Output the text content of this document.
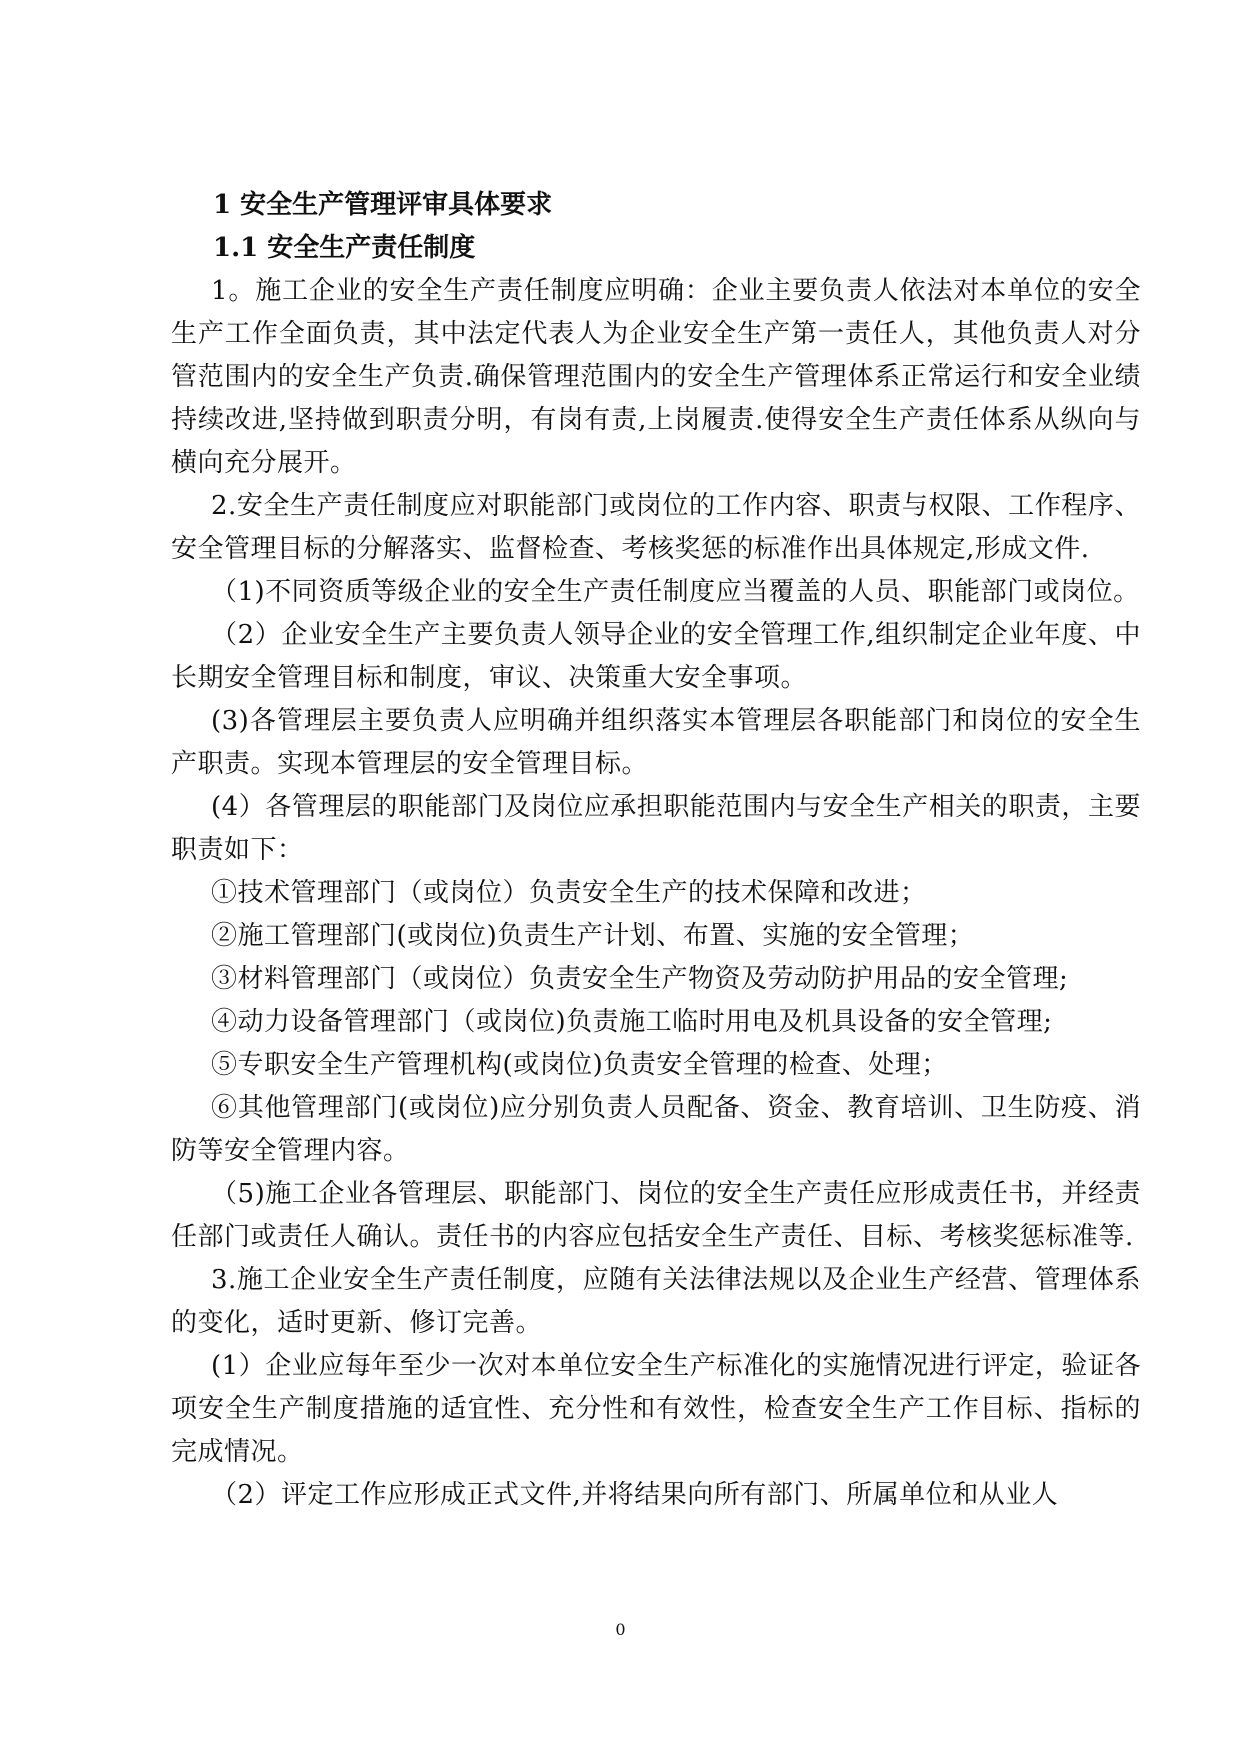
1 安全生产管理评审具体要求

1.1 安全生产责任制度

1。施工企业的安全生产责任制度应明确：企业主要负责人依法对本单位的安全生产工作全面负责，其中法定代表人为企业安全生产第一责任人，其他负责人对分管范围内的安全生产负责.确保管理范围内的安全生产管理体系正常运行和安全业绩持续改进,坚持做到职责分明，有岗有责,上岗履责.使得安全生产责任体系从纵向与横向充分展开。

2.安全生产责任制度应对职能部门或岗位的工作内容、职责与权限、工作程序、安全管理目标的分解落实、监督检查、考核奖惩的标准作出具体规定,形成文件.

（1)不同资质等级企业的安全生产责任制度应当覆盖的人员、职能部门或岗位。

（2）企业安全生产主要负责人领导企业的安全管理工作,组织制定企业年度、中长期安全管理目标和制度，审议、决策重大安全事项。

(3)各管理层主要负责人应明确并组织落实本管理层各职能部门和岗位的安全生产职责。实现本管理层的安全管理目标。

(4）各管理层的职能部门及岗位应承担职能范围内与安全生产相关的职责，主要职责如下：

①技术管理部门（或岗位）负责安全生产的技术保障和改进；

②施工管理部门(或岗位)负责生产计划、布置、实施的安全管理；

③材料管理部门（或岗位）负责安全生产物资及劳动防护用品的安全管理;

④动力设备管理部门（或岗位)负责施工临时用电及机具设备的安全管理;

⑤专职安全生产管理机构(或岗位)负责安全管理的检查、处理；

⑥其他管理部门(或岗位)应分别负责人员配备、资金、教育培训、卫生防疫、消防等安全管理内容。

（5)施工企业各管理层、职能部门、岗位的安全生产责任应形成责任书，并经责任部门或责任人确认。责任书的内容应包括安全生产责任、目标、考核奖惩标准等.

3.施工企业安全生产责任制度，应随有关法律法规以及企业生产经营、管理体系的变化，适时更新、修订完善。

(1）企业应每年至少一次对本单位安全生产标准化的实施情况进行评定，验证各项安全生产制度措施的适宜性、充分性和有效性，检查安全生产工作目标、指标的完成情况。

（2）评定工作应形成正式文件,并将结果向所有部门、所属单位和从业人

0
